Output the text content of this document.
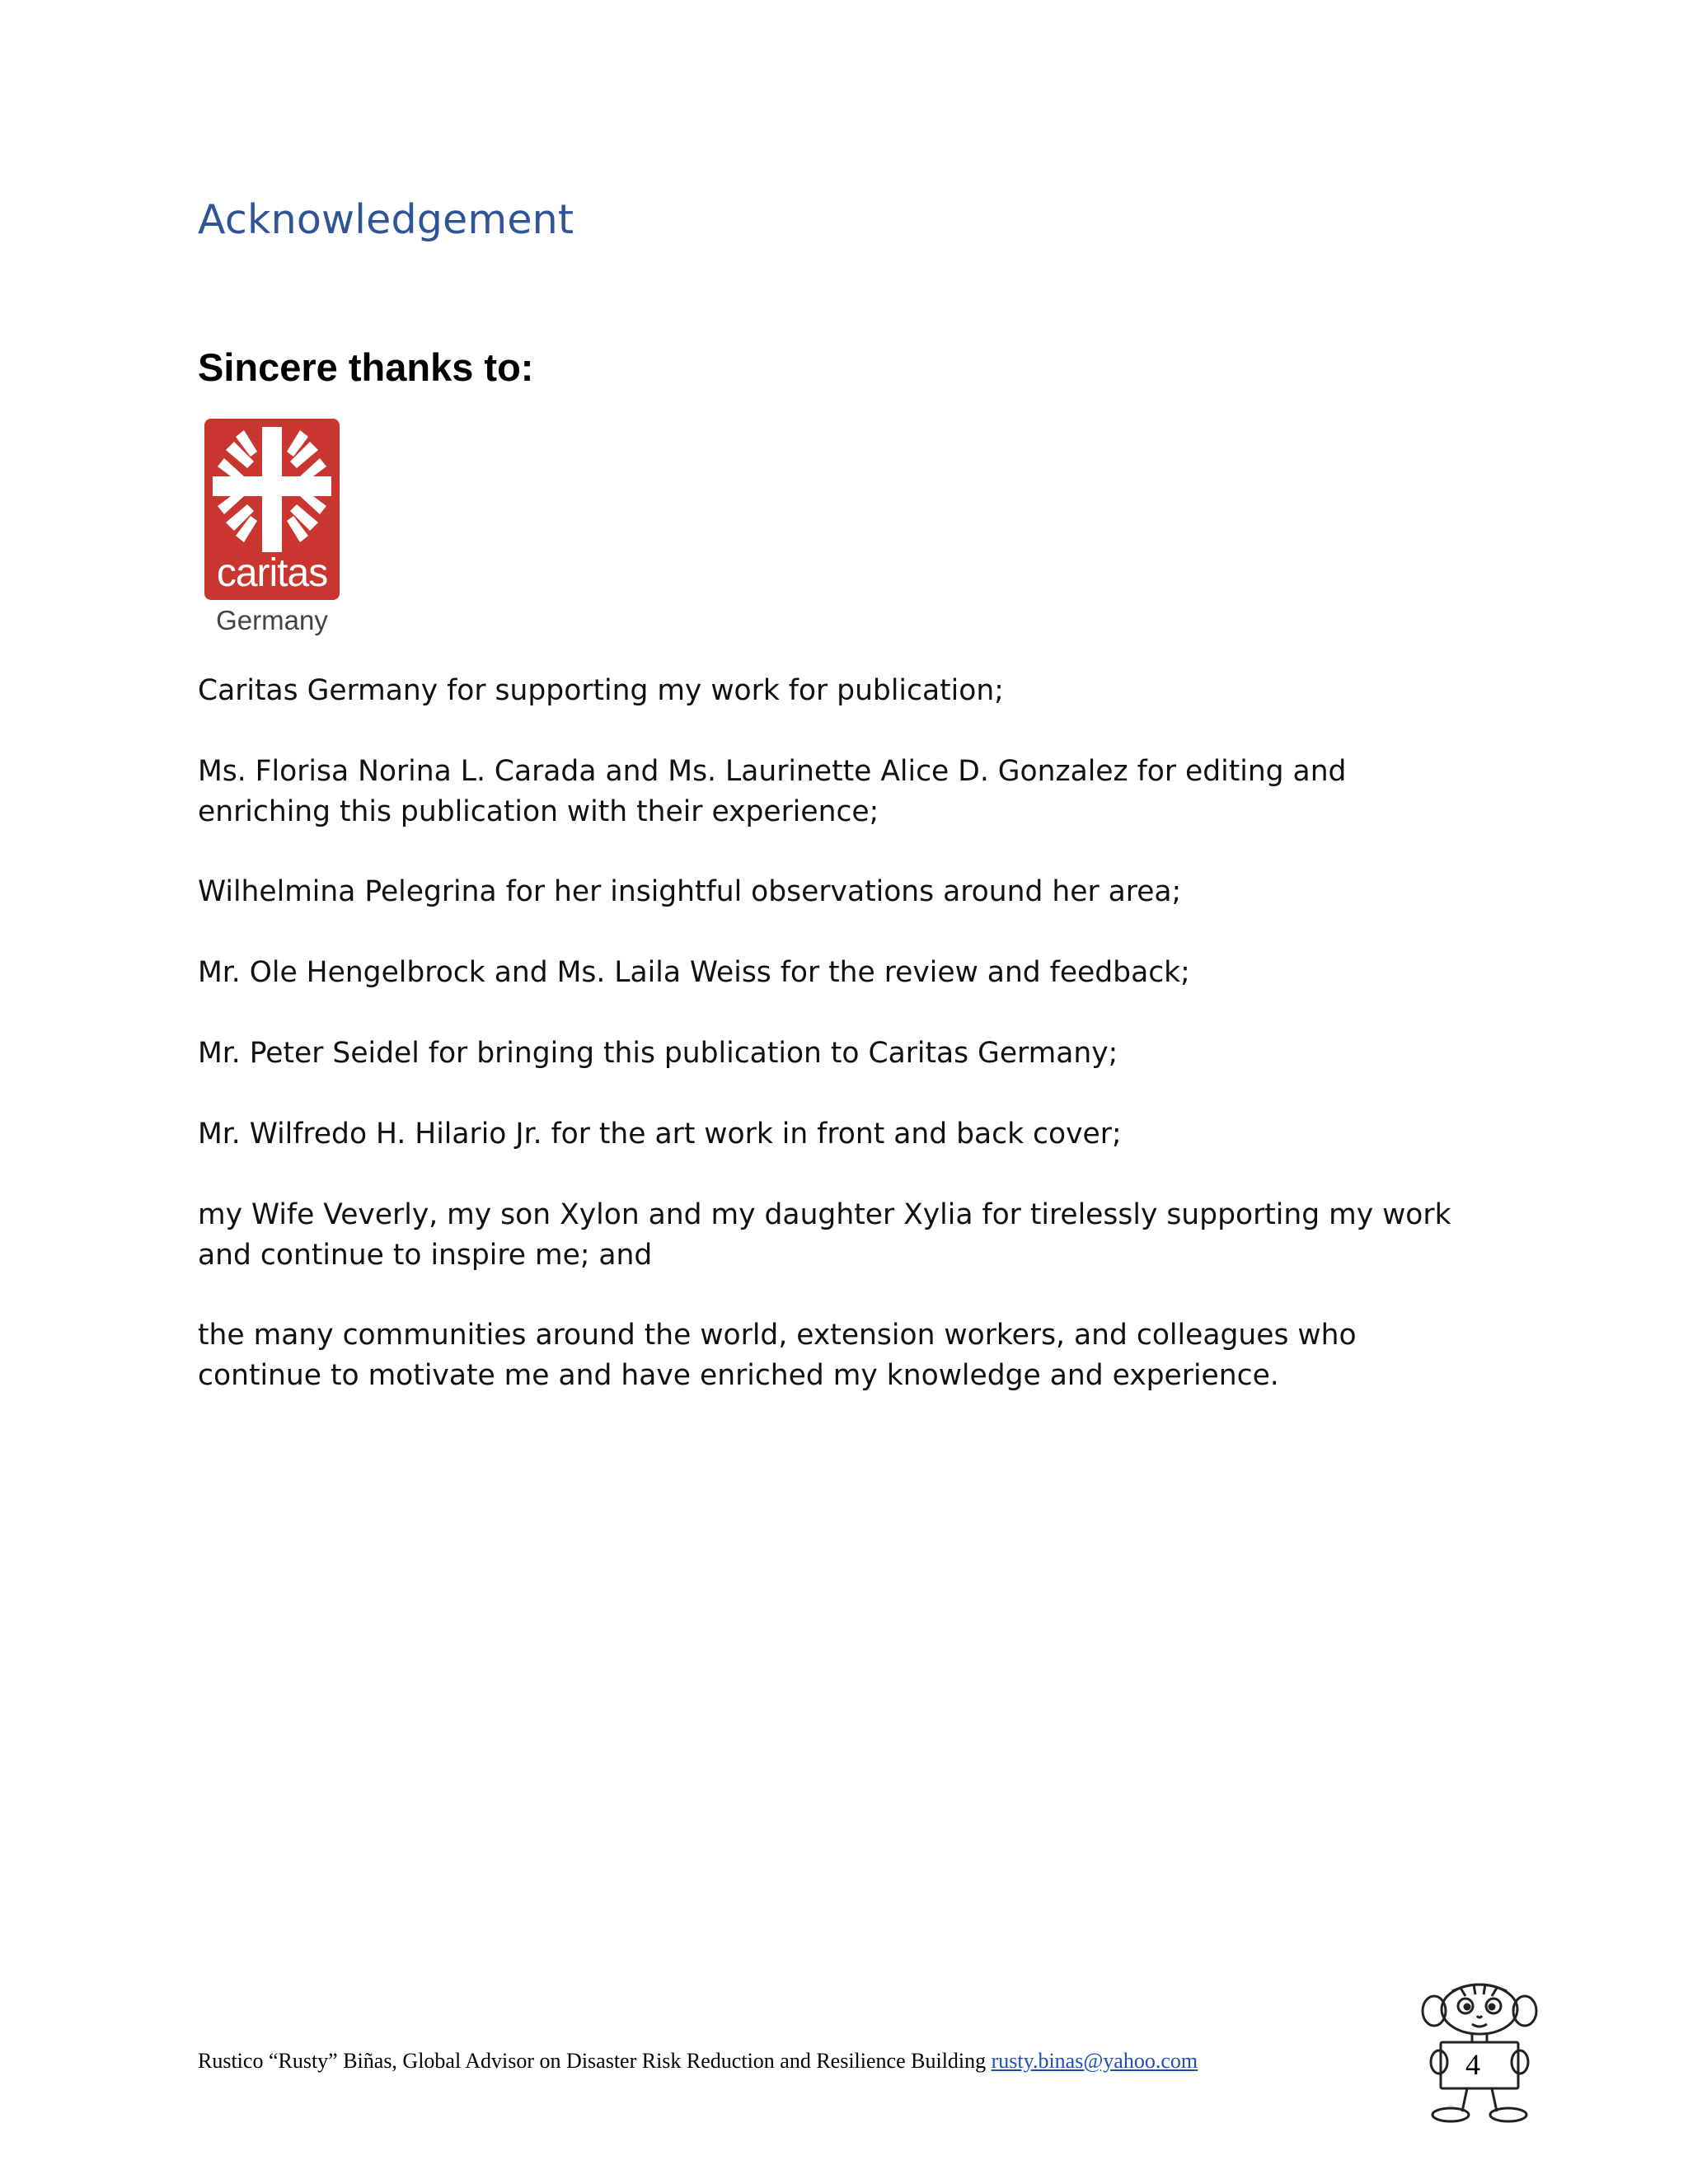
Acknowledgement
Sincere thanks to:
caritas
Germany

Caritas Germany for supporting my work for publication;

Ms. Florisa Norina L. Carada and Ms. Laurinette Alice D. Gonzalez for editing and enriching this publication with their experience;

Wilhelmina Pelegrina for her insightful observations around her area;

Mr. Ole Hengelbrock and Ms. Laila Weiss for the review and feedback;

Mr. Peter Seidel for bringing this publication to Caritas Germany;

Mr. Wilfredo H. Hilario Jr. for the art work in front and back cover;

my Wife Veverly, my son Xylon and my daughter Xylia for tirelessly supporting my work and continue to inspire me; and

the many communities around the world, extension workers, and colleagues who continue to motivate me and have enriched my knowledge and experience.

Rustico “Rusty” Biñas, Global Advisor on Disaster Risk Reduction and Resilience Building rusty.binas@yahoo.com	4
